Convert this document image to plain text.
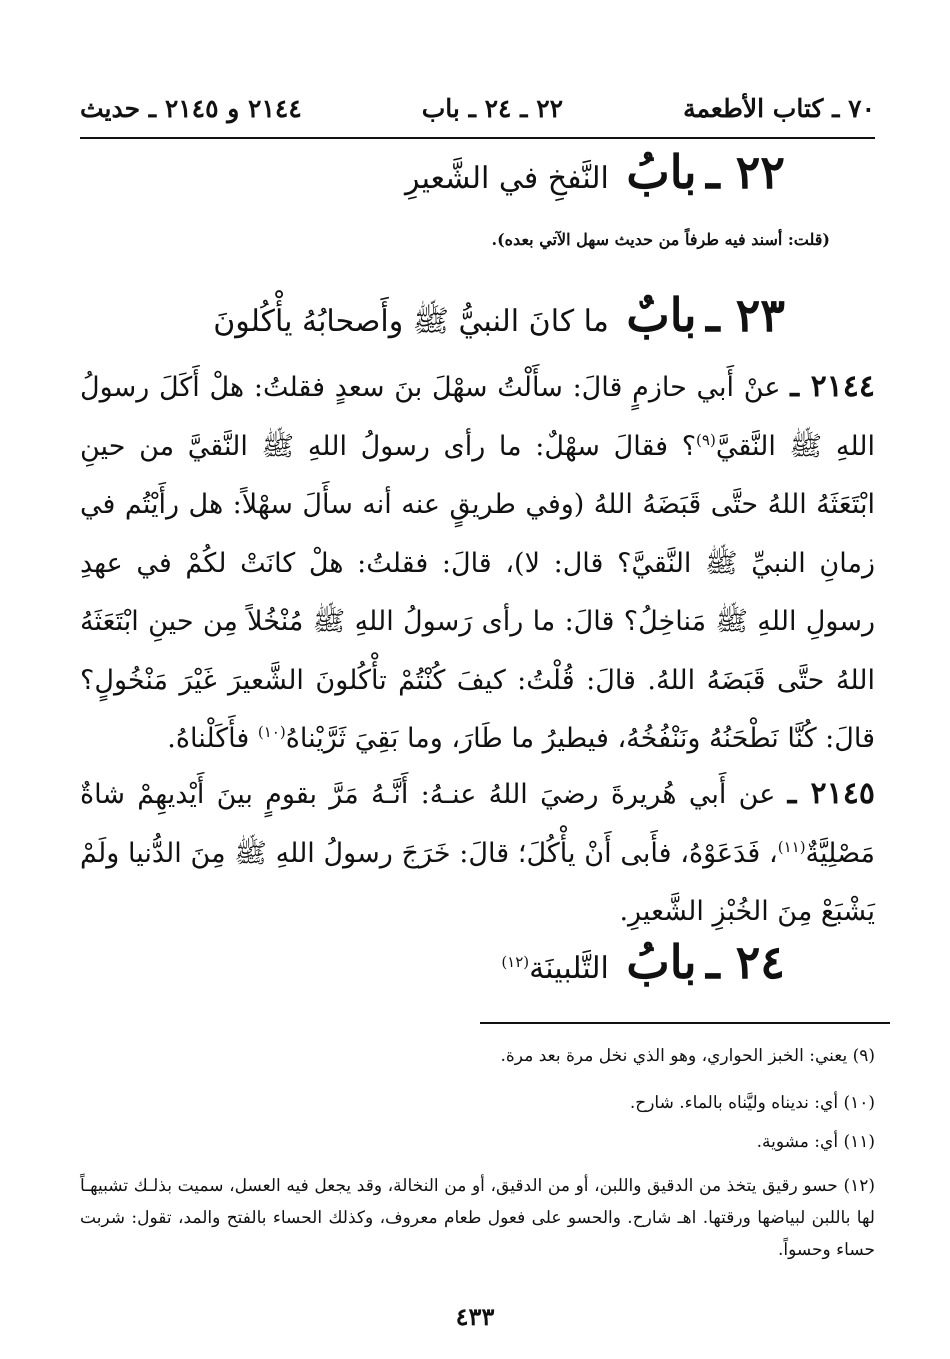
٧٠ ـ كتاب الأطعمة
٢٢ ـ ٢٤ ـ باب
٢١٤٤ و ٢١٤٥ ـ حديث
٢٢ ـ بابُ النَّفخِ في الشَّعيرِ
(قلت: أسند فيه طرفاً من حديث سهل الآتي بعده).
٢٣ ـ بابٌ ما كانَ النبيُّ ﷺ وأَصحابُهُ يأْكُلونَ
٢١٤٤ ـ عنْ أَبي حازمٍ قالَ: سأَلْتُ سهْلَ بنَ سعدٍ فقلتُ: هلْ أَكَلَ رسولُ اللهِ ﷺ النَّقيَّ$^{(٩)}$؟ فقالَ سهْلٌ: ما رأى رسولُ اللهِ ﷺ النَّقيَّ من حينِ ابْتَعَثَهُ اللهُ حتَّى قَبَضَهُ اللهُ (وفي طريقٍ عنه أنه سأَلَ سهْلاً: هل رأَيْتُم في زمانِ النبيِّ ﷺ النَّقيَّ؟ قال: لا)، قالَ: فقلتُ: هلْ كانَتْ لكُمْ في عهدِ رسولِ اللهِ ﷺ مَناخِلُ؟ قالَ: ما رأى رَسولُ اللهِ ﷺ مُنْخُلاً مِن حينِ ابْتَعَثَهُ اللهُ حتَّى قَبَضَهُ اللهُ. قالَ: قُلْتُ: كيفَ كُنْتُمْ تأْكُلونَ الشَّعيرَ غَيْرَ مَنْخُولٍ؟ قالَ: كُنَّا نَطْحَنُهُ ونَنْفُخُهُ، فيطيرُ ما طَارَ، وما بَقِيَ ثَرَّيْناهُ$^{(١٠)}$ فأَكَلْناهُ.
٢١٤٥ ـ عن أَبي هُريرةَ رضيَ اللهُ عنـهُ: أَنَّـهُ مَرَّ بقومٍ بينَ أَيْديهِمْ شاةٌ مَصْلِيَّةٌ$^{(١١)}$، فَدَعَوْهُ، فأَبى أَنْ يأْكُلَ؛ قالَ: خَرَجَ رسولُ اللهِ ﷺ مِنَ الدُّنيا ولَمْ يَشْبَعْ مِنَ الخُبْزِ الشَّعيرِ.
٢٤ ـ بابُ التَّلبينَة$^{(١٢)}$
(٩) يعني: الخبز الحواري، وهو الذي نخل مرة بعد مرة.
(١٠) أي: ندیناه ولیَّناه بالماء. شارح.
(١١) أي: مشوية.
(١٢) حسو رقيق يتخذ من الدقيق واللبن، أو من الدقيق، أو من النخالة، وقد يجعل فيه العسل، سميت بذلـك تشبيهـاً لها باللبن لبياضها ورقتها. اهـ شارح. والحسو على فعول طعام معروف، وكذلك الحساء بالفتح والمد، تقول: شربت حساء وحسواً.
٤٣٣
